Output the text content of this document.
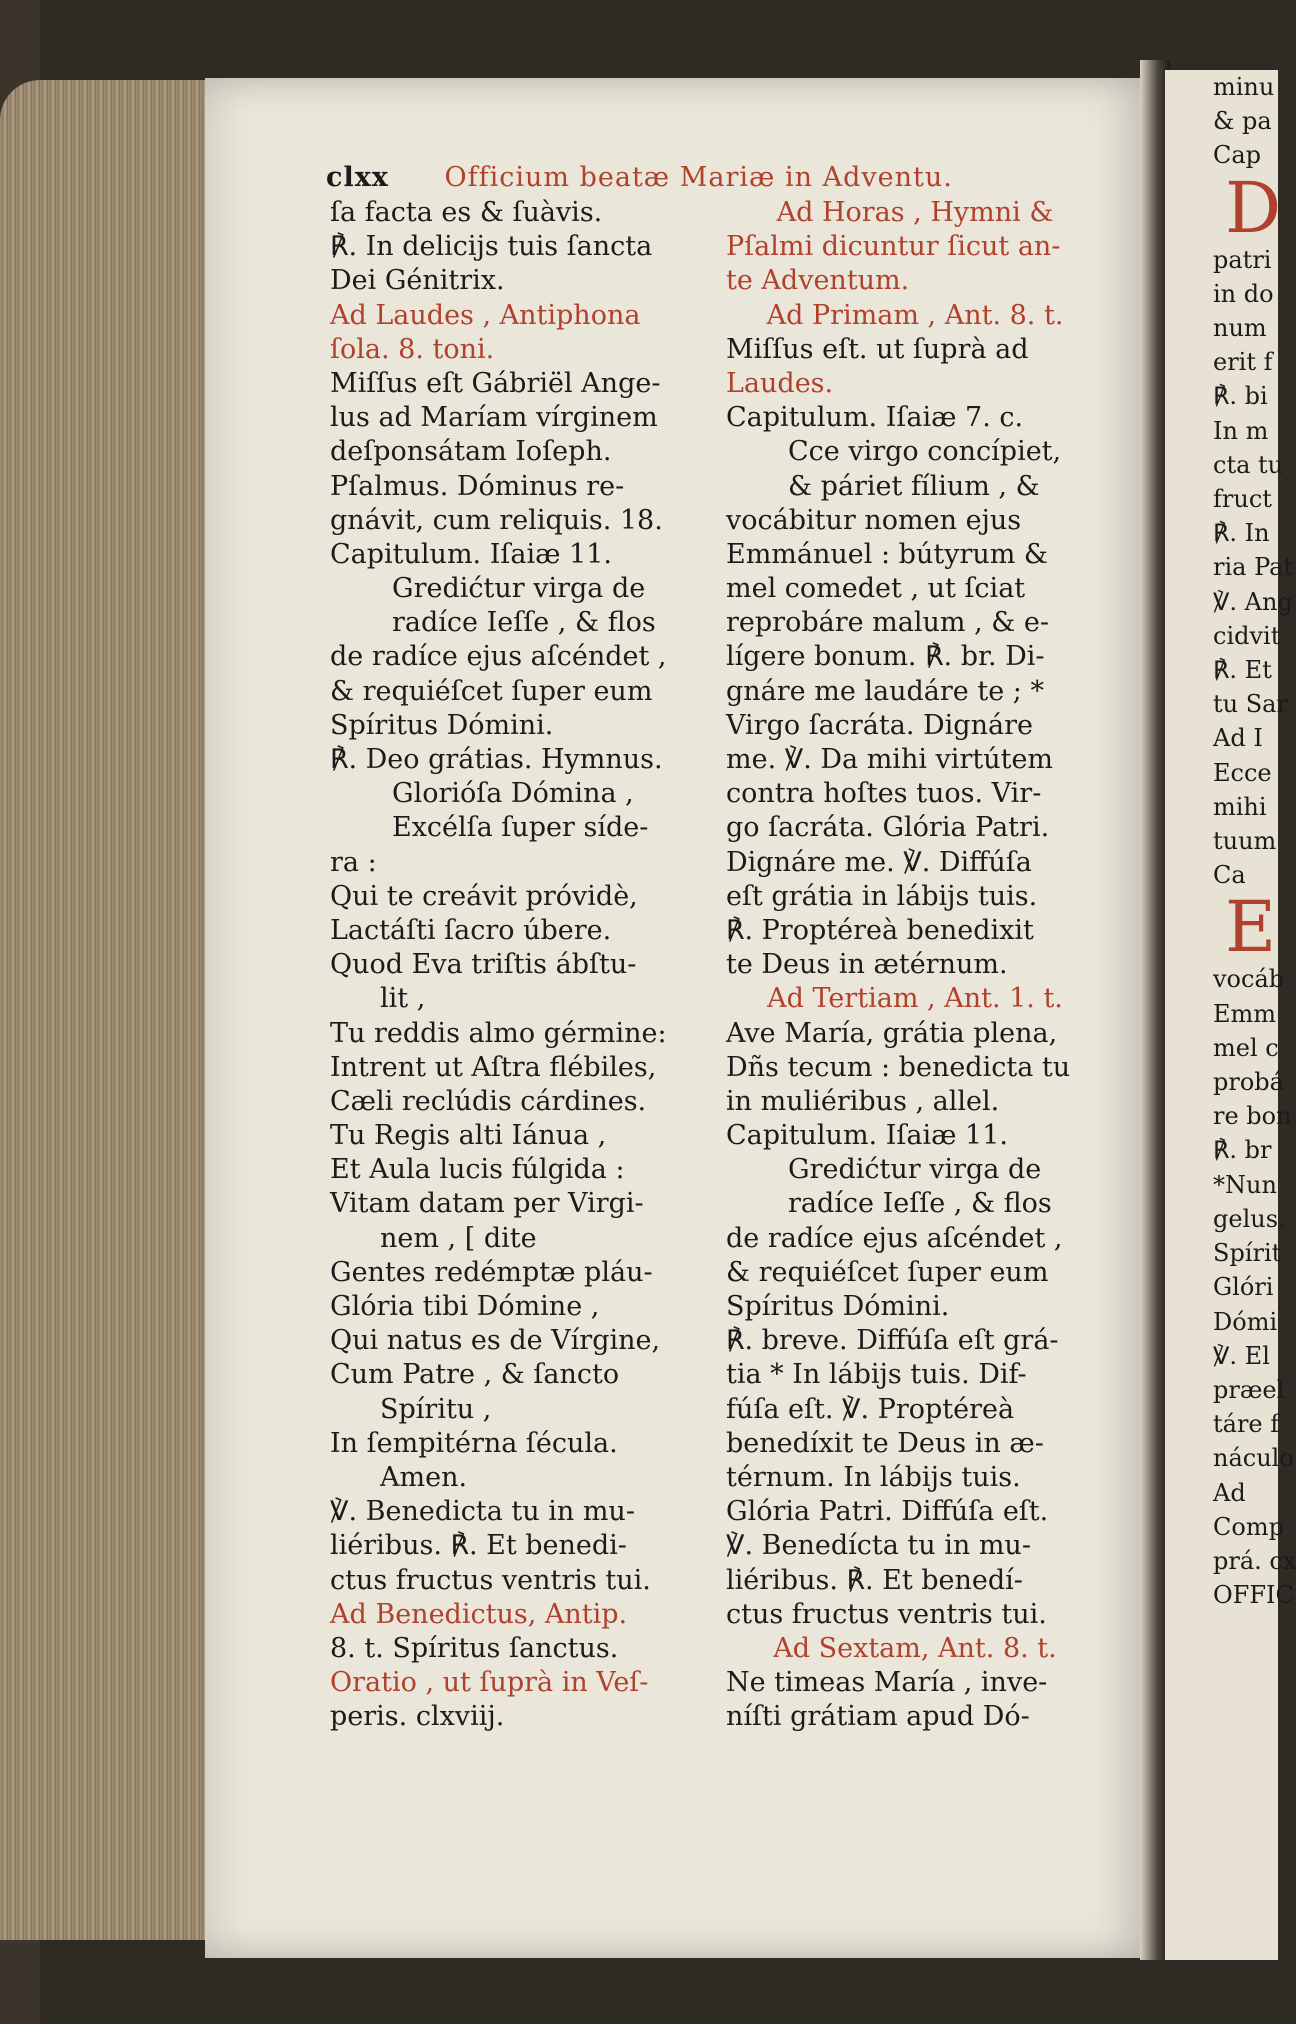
clxx Officium beatæ Mariæ in Adventu.
ſa facta es & ſuàvis.
℟. In delicijs tuis ſancta
Dei Génitrix.
Ad Laudes , Antiphona
ſola. 8. toni.
Miſſus eſt Gábriël Ange-
lus ad Maríam vírginem
deſponsátam Ioſeph.
Pſalmus. Dóminus re-
gnávit, cum reliquis. 18.
Capitulum. Iſaiæ 11.
Gredićtur virga de
radíce Ieſſe , & flos
de radíce ejus aſcéndet ,
& requiéſcet ſuper eum
Spíritus Dómini.
℟. Deo grátias. Hymnus.
Gloriόſa Dómina ,
Excélſa ſuper síde-
ra :
Qui te creávit próvidè,
Lactáſti ſacro úbere.
Quod Eva triſtis ábſtu-
lit ,
Tu reddis almo gérmine:
Intrent ut Aſtra flébiles,
Cæli reclúdis cárdines.
Tu Regis alti Iánua ,
Et Aula lucis fúlgida :
Vitam datam per Virgi-
nem , [ dite
Gentes redémptæ pláu-
Glória tibi Dómine ,
Qui natus es de Vírgine,
Cum Patre , & ſancto
Spíritu ,
In ſempitérna ſécula.
Amen.
℣. Benedicta tu in mu-
liéribus. ℟. Et benedi-
ctus fructus ventris tui.
Ad Benedictus, Antip.
8. t. Spíritus ſanctus.
Oratio , ut ſuprà in Veſ-
peris. clxviij.
Ad Horas , Hymni &
Pſalmi dicuntur ſicut an-
te Adventum.
Ad Primam , Ant. 8. t.
Miſſus eſt. ut ſuprà ad
Laudes.
Capitulum. Iſaiæ 7. c.
Cce virgo concípiet,
& páriet fílium , &
vocábitur nomen ejus
Emmánuel : bútyrum &
mel comedet , ut ſciat
reprobáre malum , & e-
lígere bonum. ℟. br. Di-
gnáre me laudáre te ; *
Virgo ſacráta. Dignáre
me. ℣. Da mihi virtútem
contra hoſtes tuos. Vir-
go ſacráta. Glória Patri.
Dignáre me. ℣. Diffúſa
eſt grátia in lábijs tuis.
℟. Proptéreà benedixit
te Deus in ætérnum.
Ad Tertiam , Ant. 1. t.
Ave María, grátia plena,
Dñs tecum : benedicta tu
in muliéribus , allel.
Capitulum. Iſaiæ 11.
Gredićtur virga de
radíce Ieſſe , & flos
de radíce ejus aſcéndet ,
& requiéſcet ſuper eum
Spíritus Dómini.
℟. breve. Diffúſa eſt grá-
tia * In lábijs tuis. Dif-
fúſa eſt. ℣. Proptéreà
benedíxit te Deus in æ-
térnum. In lábijs tuis.
Glória Patri. Diffúſa eſt.
℣. Benedícta tu in mu-
liéribus. ℟. Et benedí-
ctus fructus ventris tui.
Ad Sextam, Ant. 8. t.
Ne timeas María , inve-
níſti grátiam apud Dó-
minu
& pa
Cap
D
patri
in do
num
erit f
℟. bi
In m
cta tu
fruct
℟. In
ria Pat
℣. Ang
cidvit
℟. Et
tu Sar
Ad I
Ecce
mihi
tuum
Ca
E
vocáb
Emm
mel c
probá
re bon
℟. br
*Nun
gelus.
Spírit
Glóri
Dómi
℣. El
præel
táre f
náculo
Ad
Comp
prá. cx
OFFIC
